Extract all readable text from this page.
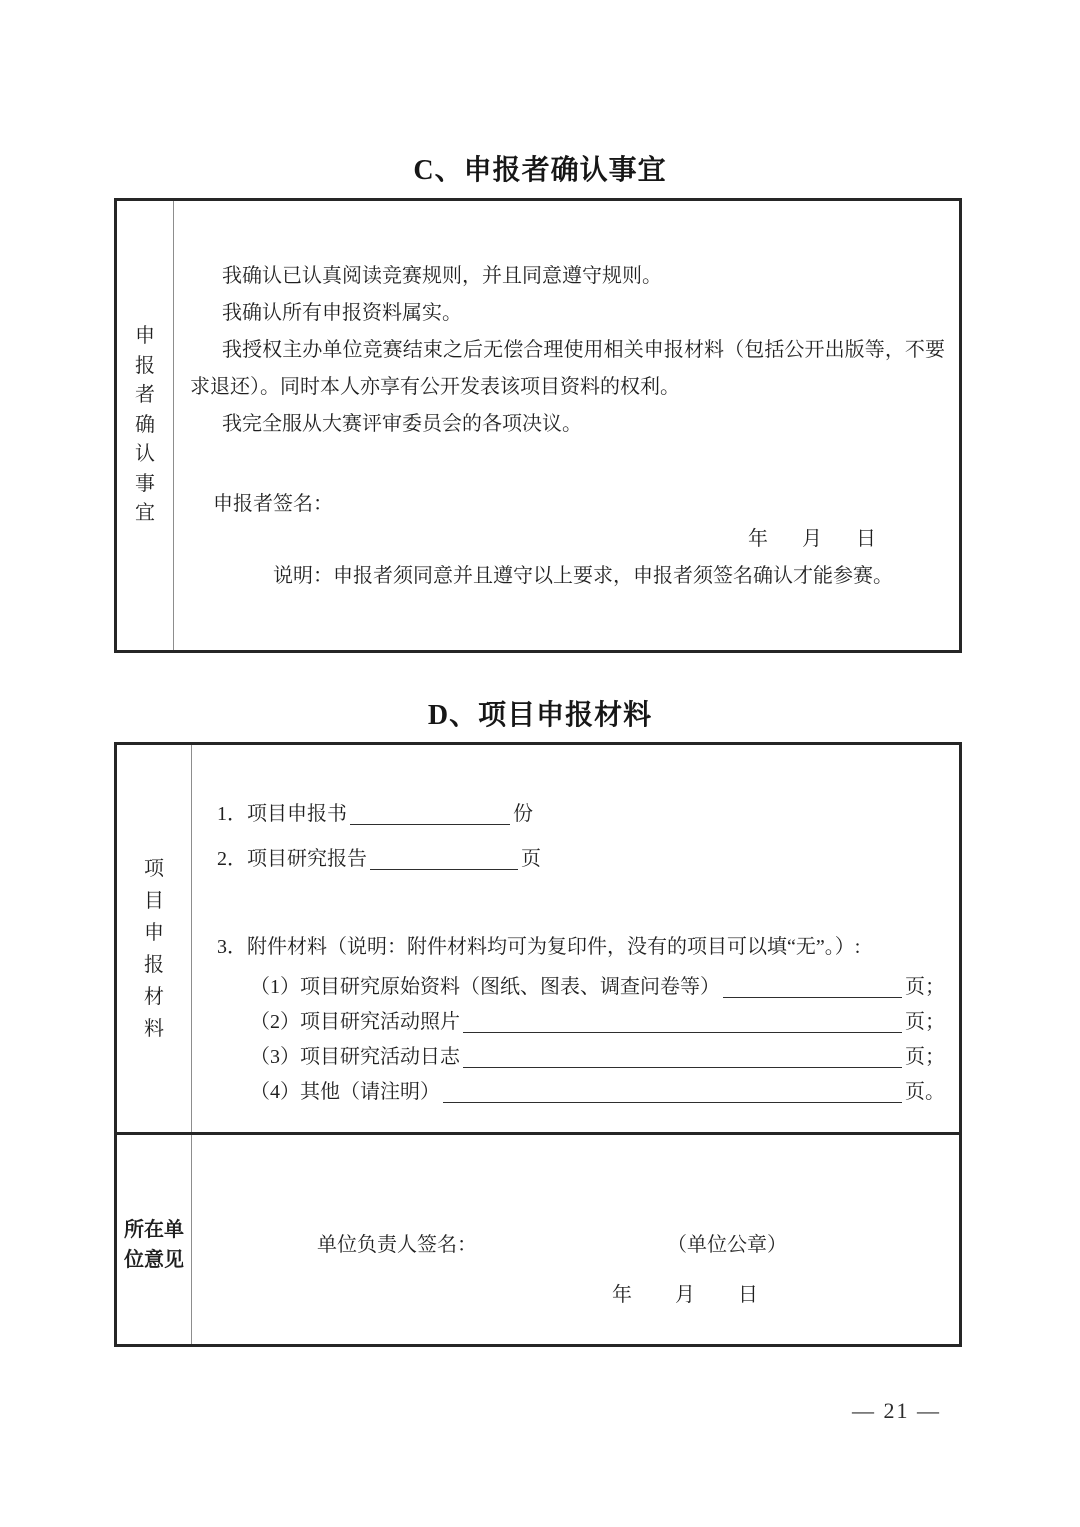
C、申报者确认事宜
申
报
者
确
认
事
宜

我确认已认真阅读竞赛规则，并且同意遵守规则。

我确认所有申报资料属实。

我授权主办单位竞赛结束之后无偿合理使用相关申报材料（包括公开出版等，不要求退还）。同时本人亦享有公开发表该项目资料的权利。

我完全服从大赛评审委员会的各项决议。

申报者签名：
年 月 日
说明：申报者须同意并且遵守以上要求，申报者须签名确认才能参赛。
D、项目申报材料
项
目
申
报
材
料
1．项目申报书	份
2．项目研究报告	页
3．附件材料（说明：附件材料均可为复印件，没有的项目可以填“无”。）:
（1）项目研究原始资料（图纸、图表、调查问卷等）	页；
（2）项目研究活动照片	页；
（3）项目研究活动日志	页；
（4）其他（请注明）	页。
所在单
位意见
单位负责人签名：	（单位公章）
年 月 日
— 21 —
